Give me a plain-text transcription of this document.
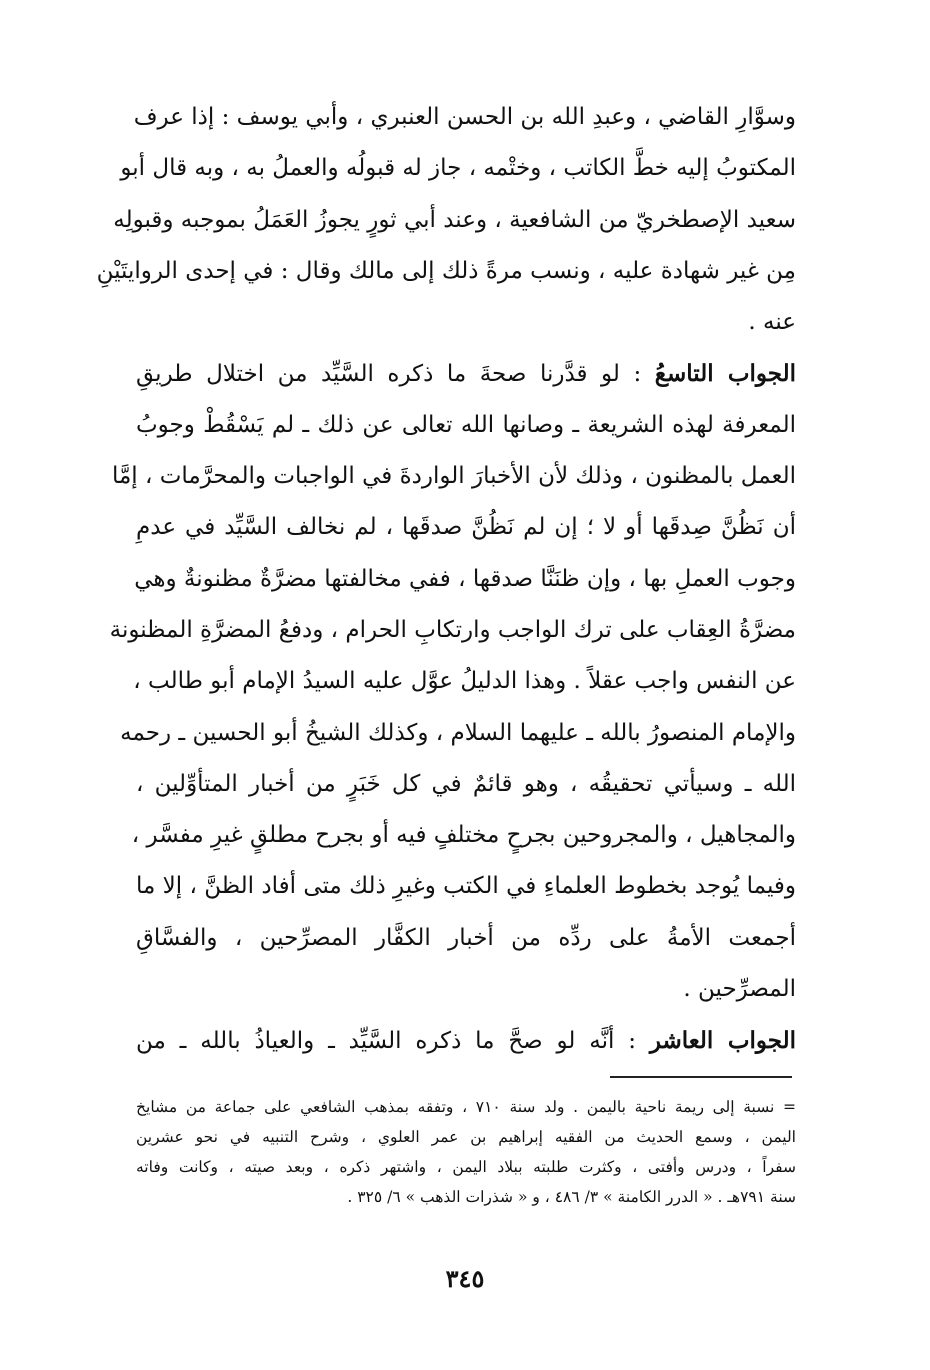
وسوَّارِ القاضي ، وعبدِ الله بن الحسن العنبري ، وأبي يوسف : إذا عرف
المكتوبُ إليه خطَّ الكاتب ، وختْمه ، جاز له قبولُه والعملُ به ، وبه قال أبو
سعيد الإصطخريّ من الشافعية ، وعند أبي ثورٍ يجوزُ العَمَلُ بموجبه وقبولِه
مِن غير شهادة عليه ، ونسب مرةً ذلك إلى مالك وقال : في إحدى الروايتَيْنِ
عنه .
الجواب التاسعُ : لو قدَّرنا صحةَ ما ذكره السَّيِّد من اختلال طريقِ
المعرفة لهذه الشريعة ـ وصانها الله تعالى عن ذلك ـ لم يَسْقُطْ وجوبُ
العمل بالمظنون ، وذلك لأن الأخبارَ الواردةَ في الواجبات والمحرَّمات ، إمَّا
أن نَظُنَّ صِدقَها أو لا ؛ إن لم نَظُنَّ صدقَها ، لم نخالف السَّيِّد في عدمِ
وجوب العملِ بها ، وإن ظنَنَّا صدقها ، ففي مخالفتها مضرَّةٌ مظنونةٌ وهي
مضرَّةُ العِقاب على ترك الواجب وارتكابِ الحرام ، ودفعُ المضرَّةِ المظنونة
عن النفس واجب عقلاً . وهذا الدليلُ عوَّل عليه السيدُ الإمام أبو طالب ،
والإمام المنصورُ بالله ـ عليهما السلام ، وكذلك الشيخُ أبو الحسين ـ رحمه
الله ـ وسيأتي تحقيقُه ، وهو قائمٌ في كل خَبَرٍ من أخبار المتأوِّلين ،
والمجاهيل ، والمجروحين بجرحٍ مختلفٍ فيه أو بجرح مطلقٍ غيرِ مفسَّر ،
وفيما يُوجد بخطوط العلماءِ في الكتب وغيرِ ذلك متى أفاد الظنَّ ، إلا ما
أجمعت الأمةُ على ردِّه من أخبار الكفَّار المصرِّحين ، والفسَّاقِ
المصرِّحين .
الجواب العاشر : أنَّه لو صحَّ ما ذكره السَّيِّد ـ والعياذُ بالله ـ من
= نسبة إلى ريمة ناحية باليمن . ولد سنة ٧١٠ ، وتفقه بمذهب الشافعي على جماعة من مشايخ
اليمن ، وسمع الحديث من الفقيه إبراهيم بن عمر العلوي ، وشرح التنبيه في نحو عشرين
سفراً ، ودرس وأفتى ، وكثرت طلبته ببلاد اليمن ، واشتهر ذكره ، وبعد صيته ، وكانت وفاته
سنة ٧٩١هـ . « الدرر الكامنة » ٣/ ٤٨٦ ، و « شذرات الذهب » ٦/ ٣٢٥ .
٣٤٥
